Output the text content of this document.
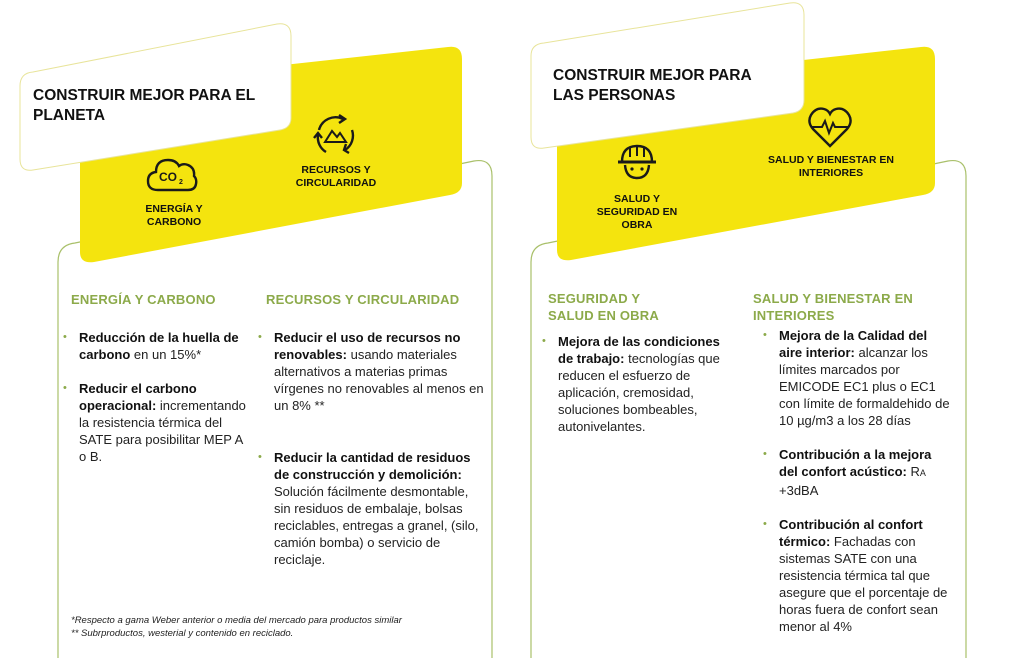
CONSTRUIR MEJOR PARA EL PLANETA
CO 2
ENERGÍA Y CARBONO
RECURSOS Y CIRCULARIDAD
ENERGÍA Y CARBONO
• Reducción de la huella de carbono en un 15%*
• Reducir el carbono operacional: incrementando la resistencia térmica del SATE para posibilitar MEP A o B.
RECURSOS Y CIRCULARIDAD
• Reducir el uso de recursos no renovables: usando materiales alternativos a materias primas vírgenes no renovables al menos en un 8% **
• Reducir la cantidad de residuos de construcción y demolición: Solución fácilmente desmontable, sin residuos de embalaje, bolsas reciclables, entregas a granel, (silo, camión bomba) o servicio de reciclaje.
*Respecto a gama Weber anterior o media del mercado para productos similar
** Subrproductos, westerial y contenido en reciclado.
CONSTRUIR MEJOR PARA LAS PERSONAS
SALUD Y SEGURIDAD EN OBRA
SALUD Y BIENESTAR EN INTERIORES
SEGURIDAD Y SALUD EN OBRA
• Mejora de las condiciones de trabajo: tecnologías que reducen el esfuerzo de aplicación, cremosidad, soluciones bombeables, autonivelantes.
SALUD Y BIENESTAR EN INTERIORES
• Mejora de la Calidad del aire interior: alcanzar los límites marcados por EMICODE EC1 plus o EC1 con límite de formaldehido de 10 µg/m3 a los 28 días
• Contribución a la mejora del confort acústico: RA +3dBA
• Contribución al confort térmico: Fachadas con sistemas SATE con una resistencia térmica tal que asegure que el porcentaje de horas fuera de confort sean menor al 4%
